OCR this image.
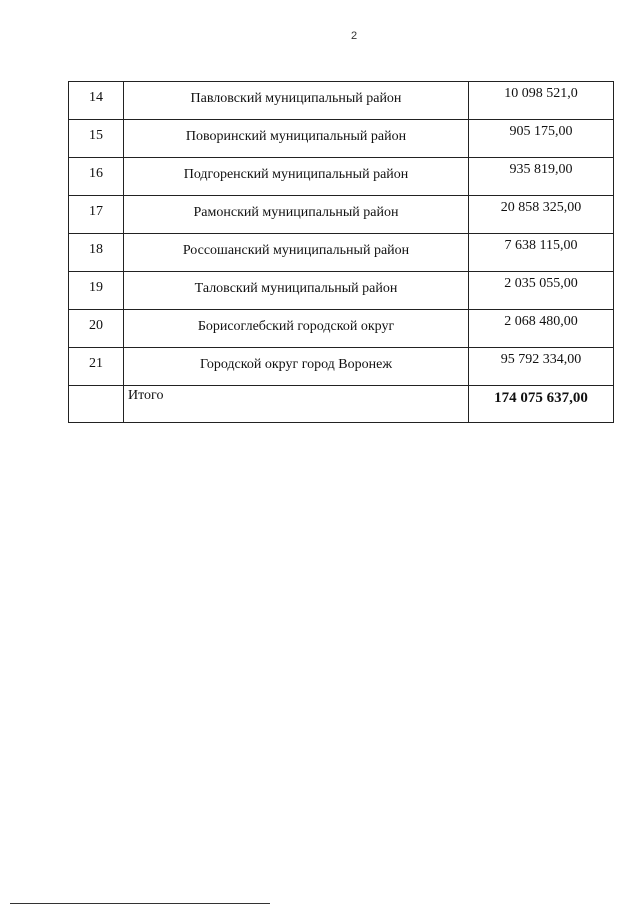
2
14	Павловский муниципальный район	10 098 521,0
15	Поворинский муниципальный район	905 175,00
16	Подгоренский муниципальный район	935 819,00
17	Рамонский муниципальный район	20 858 325,00
18	Россошанский муниципальный район	7 638 115,00
19	Таловский муниципальный район	2 035 055,00
20	Борисоглебский городской округ	2 068 480,00
21	Городской округ город Воронеж	95 792 334,00
	Итого	174 075 637,00
